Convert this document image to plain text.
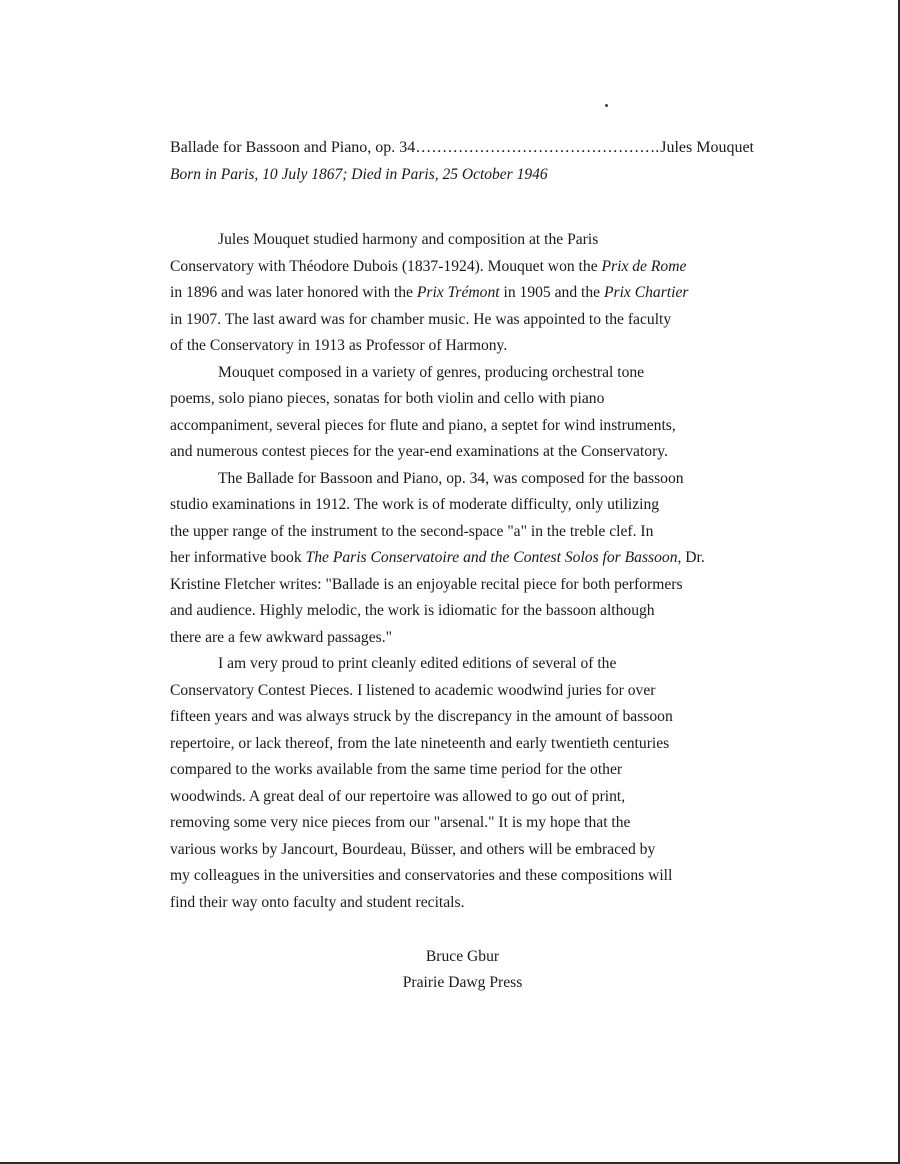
Ballade for Bassoon and Piano, op. 34 ………………………………………. Jules Mouquet
Born in Paris, 10 July 1867; Died in Paris, 25 October 1946
Jules Mouquet studied harmony and composition at the Paris
Conservatory with Théodore Dubois (1837-1924). Mouquet won the Prix de Rome
in 1896 and was later honored with the Prix Trémont in 1905 and the Prix Chartier
in 1907. The last award was for chamber music. He was appointed to the faculty
of the Conservatory in 1913 as Professor of Harmony.
Mouquet composed in a variety of genres, producing orchestral tone
poems, solo piano pieces, sonatas for both violin and cello with piano
accompaniment, several pieces for flute and piano, a septet for wind instruments,
and numerous contest pieces for the year-end examinations at the Conservatory.
The Ballade for Bassoon and Piano, op. 34, was composed for the bassoon
studio examinations in 1912. The work is of moderate difficulty, only utilizing
the upper range of the instrument to the second-space "a" in the treble clef. In
her informative book The Paris Conservatoire and the Contest Solos for Bassoon, Dr.
Kristine Fletcher writes: "Ballade is an enjoyable recital piece for both performers
and audience. Highly melodic, the work is idiomatic for the bassoon although
there are a few awkward passages."
I am very proud to print cleanly edited editions of several of the
Conservatory Contest Pieces. I listened to academic woodwind juries for over
fifteen years and was always struck by the discrepancy in the amount of bassoon
repertoire, or lack thereof, from the late nineteenth and early twentieth centuries
compared to the works available from the same time period for the other
woodwinds. A great deal of our repertoire was allowed to go out of print,
removing some very nice pieces from our "arsenal." It is my hope that the
various works by Jancourt, Bourdeau, Büsser, and others will be embraced by
my colleagues in the universities and conservatories and these compositions will
find their way onto faculty and student recitals.
Bruce Gbur
Prairie Dawg Press
